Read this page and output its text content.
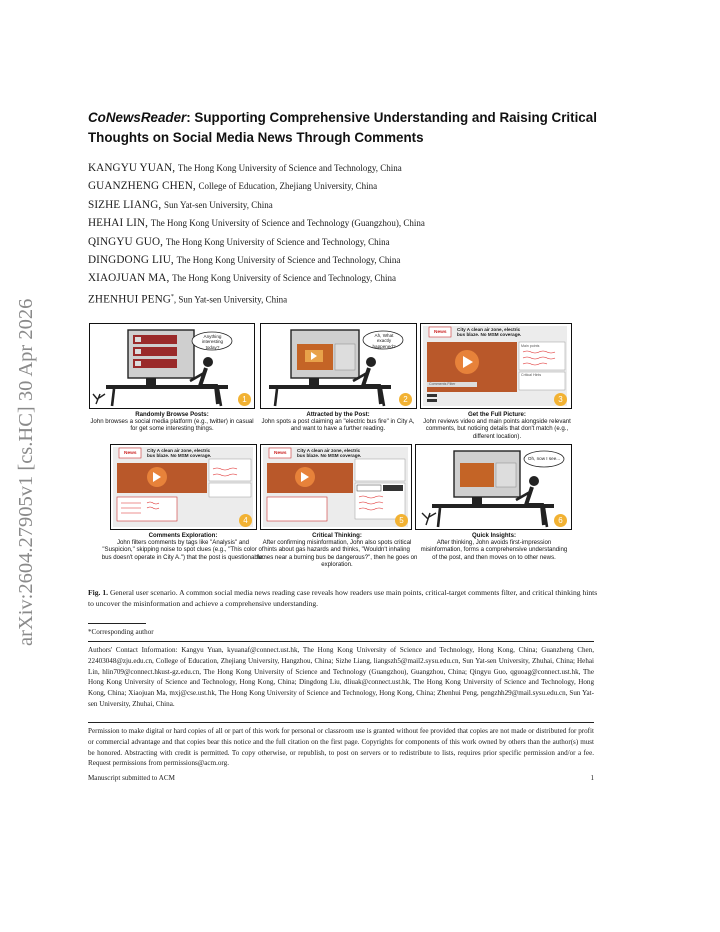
arXiv:2604.27905v1 [cs.HC] 30 Apr 2026
CoNewsReader: Supporting Comprehensive Understanding and Raising Critical Thoughts on Social Media News Through Comments
KANGYU YUAN, The Hong Kong University of Science and Technology, China
GUANZHENG CHEN, College of Education, Zhejiang University, China
SIZHE LIANG, Sun Yat-sen University, China
HEHAI LIN, The Hong Kong University of Science and Technology (Guangzhou), China
QINGYU GUO, The Hong Kong University of Science and Technology, China
DINGDONG LIU, The Hong Kong University of Science and Technology, China
XIAOJUAN MA, The Hong Kong University of Science and Technology, China
ZHENHUI PENG*, Sun Yat-sen University, China
Anything interesting today?
1
Randomly Browse Posts:
John browses a social media platform (e.g., twitter) in casual for get some interesting things.
Ah, What exactly happened?
2
Attracted by the Post:
John spots a post claiming an "electric bus fire" in City A, and want to have a further reading.
News
City A clean air zone, electric bus blaze. No MSM coverage.
Main points
Critical Hints
Comments Filter
3
Get the Full Picture:
John reviews video and main points alongside relevant comments, but noticing details that don't match (e.g., different location).
News
City A clean air zone, electric bus blaze. No MSM coverage.
4
Comments Exploration:
John filters comments by tags like "Analysis" and "Suspicion," skipping noise to spot clues (e.g., "This color of bus doesn't operate in City A.") that the post is questionable.
News
City A clean air zone, electric bus blaze. No MSM coverage.
5
Critical Thinking:
After confirming misinformation, John also spots critical hints about gas hazards and thinks, "Wouldn't inhaling fumes near a burning bus be dangerous?", then he goes on exploration.
Oh, now I see...
6
Quick Insights:
After thinking, John avoids first-impression misinformation, forms a comprehensive understanding of the post, and then moves on to other news.
Fig. 1. General user scenario. A common social media news reading case reveals how readers use main points, critical-target comments filter, and critical thinking hints to uncover the misinformation and achieve a comprehensive understanding.
*Corresponding author
Authors' Contact Information: Kangyu Yuan, kyuanaf@connect.ust.hk, The Hong Kong University of Science and Technology, Hong Kong, China; Guanzheng Chen, 22403048@zju.edu.cn, College of Education, Zhejiang University, Hangzhou, China; Sizhe Liang, liangszh5@mail2.sysu.edu.cn, Sun Yat-sen University, Zhuhai, China; Hehai Lin, hlin709@connect.hkust-gz.edu.cn, The Hong Kong University of Science and Technology (Guangzhou), Guangzhou, China; Qingyu Guo, qguoag@connect.ust.hk, The Hong Kong University of Science and Technology, Hong Kong, China; Dingdong Liu, dliuak@connect.ust.hk, The Hong Kong University of Science and Technology, Hong Kong, China; Xiaojuan Ma, mxj@cse.ust.hk, The Hong Kong University of Science and Technology, Hong Kong, China; Zhenhui Peng, pengzhh29@mail.sysu.edu.cn, Sun Yat-sen University, Zhuhai, China.
Permission to make digital or hard copies of all or part of this work for personal or classroom use is granted without fee provided that copies are not made or distributed for profit or commercial advantage and that copies bear this notice and the full citation on the first page. Copyrights for components of this work owned by others than the author(s) must be honored. Abstracting with credit is permitted. To copy otherwise, or republish, to post on servers or to redistribute to lists, requires prior specific permission and/or a fee. Request permissions from permissions@acm.org.
Manuscript submitted to ACM	1
